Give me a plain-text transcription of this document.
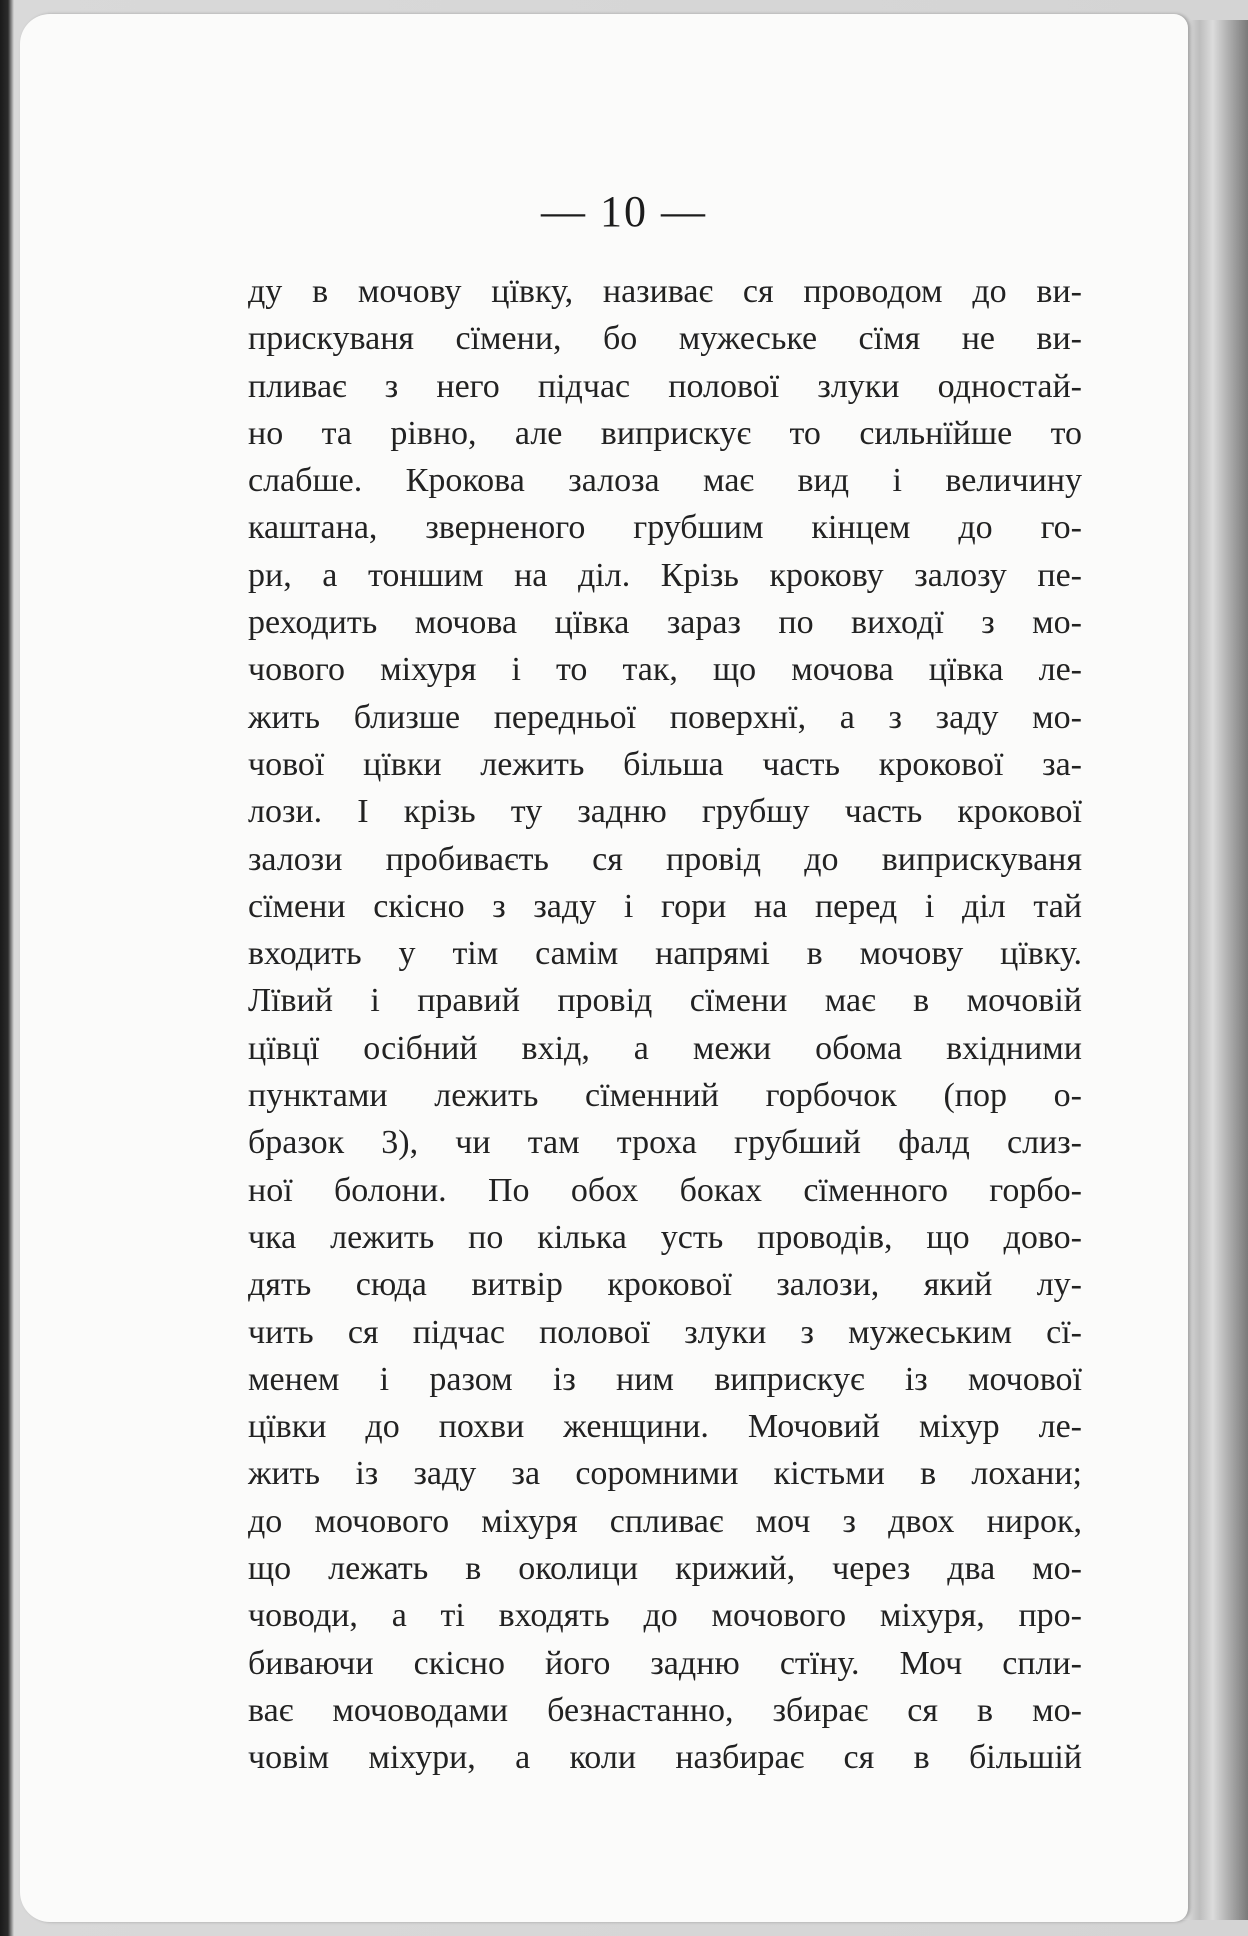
— 10 —
ду в мочову цївку, називає ся проводом до ви-
прискуваня сїмени, бо мужеське сїмя не ви-
пливає з него підчас полової злуки одностай-
но та рівно, але виприскує то сильнїйше то
слабше. Крокова залоза має вид і величину
каштана, зверненого грубшим кінцем до го-
ри, а тоншим на діл. Крізь крокову залозу пе-
реходить мочова цївка зараз по виходї з мо-
чового міхуря і то так, що мочова цївка ле-
жить близше передньої поверхнї, а з заду мо-
чової цївки лежить більша часть крокової за-
лози. І крізь ту задню грубшу часть крокової
залози пробиваєть ся провід до виприскуваня
сїмени скісно з заду і гори на перед і діл тай
входить у тім самім напрямі в мочову цївку.
Лївий і правий провід сїмени має в мочовій
цївцї осібний вхід, а межи обома вхідними
пунктами лежить сїменний горбочок (пор о-
бразок 3), чи там троха грубший фалд слиз-
ної болони. По обох боках сїменного горбо-
чка лежить по кілька усть проводів, що дово-
дять сюда витвір крокової залози, який лу-
чить ся підчас полової злуки з мужеським сї-
менем і разом із ним виприскує із мочової
цївки до похви женщини. Мочовий міхур ле-
жить із заду за соромними кістьми в лохани;
до мочового міхуря спливає моч з двох нирок,
що лежать в околици крижий, через два мо-
човоди, а ті входять до мочового міхуря, про-
биваючи скісно його задню стїну. Моч спли-
ває мочоводами безнастанно, збирає ся в мо-
човім міхури, а коли назбирає ся в більшій
